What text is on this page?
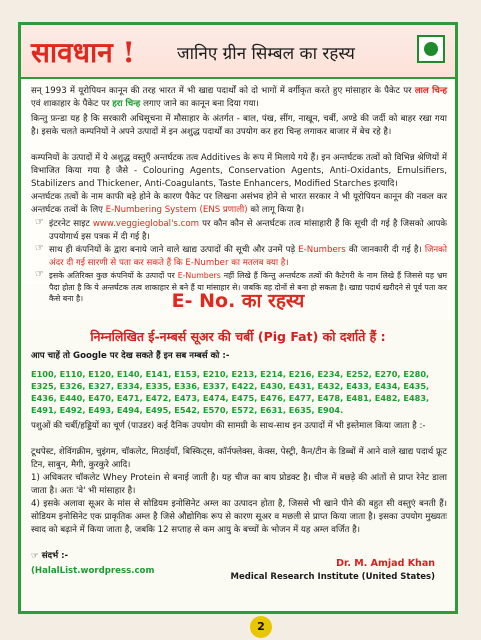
सावधान ! जानिए ग्रीन सिम्बल का रहस्य
सन् 1993 में यूरोपियन कानून की तरह भारत में भी खाद्य पदार्थों को दो भागों में वर्गीकृत करते हुए मांसाहार के पैकेट पर लाल चिन्ह एवं शाकाहार के पैकेट पर हरा चिन्ह लगाए जाने का कानून बना दिया गया।
किन्तु फ़न्डा यह है कि सरकारी अधिसूचना में मौसाहार के अंतर्गत - बाल, पंख, सींग, नाखून, चर्बी, अण्डे की जर्दी को बाहर रखा गया है। इसके चलते कम्पनियों ने अपने उत्पादों में इन अशुद्ध पदार्थों का उपयोग कर हरा चिन्ह लगाकर बाजार में बेच रहे है।
कम्पनियों के उत्पादों में ये अशुद्ध वस्तुएँ अन्तर्घटक तत्व Additives के रूप में मिलाये गये हैं। इन अन्तर्घटक तत्वों को विभिन्न श्रेणियों में विभाजित किया गया है जैसे - Colouring Agents, Conservation Agents, Anti-Oxidants, Emulsifiers, Stabilizers and Thickener, Anti-Coagulants, Taste Enhancers, Modified Starches इत्यादि।
अन्तर्घटक तत्वों के नाम काफी बड़े होने के कारण पैकेट पर लिखना असंभव होने से भारत सरकार ने भी यूरोपियन कानून की नकल कर अन्तर्घटक तत्वों के लिए E-Numbering System (ENS प्रणाली) को लागू किया है।
☞ इंटरनेट साइट www.veggieglobal's.com पर कौन कौन से अन्तर्घटक तत्व मांसाहारी हैं कि सूची दी गई है जिसको आपके उपयोगार्थ इस पत्रक में दी गई है।
☞ साथ ही कंपनियों के द्वारा बनाये जाने वाले खाद्य उत्पादों की सूची और उनमें पड़े E-Numbers की जानकारी दी गई है। जिनको अंदर दी गई सारणी से पता कर सकते हैं कि E-Number का मतलब क्या है।
☞ इसके अतिरिक्त कुछ कंपनियों के उत्पादों पर E-Numbers नहीं लिखे हैं किन्तु अन्तर्घटक तत्वों की कैटेगरी के नाम लिखे हैं जिससे यह भ्रम पैदा होता है कि ये अन्तर्घटक तत्व शाकाहार से बने हैं या मांसाहार से। जबकि वह दोनों से बना हो सकता है। खाद्य पदार्थ खरीदने से पूर्व पता कर कैसे बना है।	E- No. का रहस्य
निम्नलिखित ई-नम्बर्स सूअर की चर्बी (Pig Fat) को दर्शाते हैं :
आप चाहें तो Google पर देख सकते हैं इन सब नम्बर्स को :-
E100, E110, E120, E140, E141, E153, E210, E213, E214, E216, E234, E252, E270, E280, E325, E326, E327, E334, E335, E336, E337, E422, E430, E431, E432, E433, E434, E435, E436, E440, E470, E471, E472, E473, E474, E475, E476, E477, E478, E481, E482, E483, E491, E492, E493, E494, E495, E542, E570, E572, E631, E635, E904.
पशुओं की चर्बी/हड्डियों का चूर्ण (पाउडर) कई दैनिक उपयोग की सामग्री के साथ-साथ इन उत्पादों में भी इस्तेमाल किया जाता है :-
टूथपेस्ट, शेविंगक्रीम, चुइंगम, चॉकलेट, मिठाईयाँ, बिस्किट्स, कॉर्नफ्लेक्स, केक्स, पेस्ट्री, कैन/टीन के डिब्बों में आने वाले खाद्य पदार्थ फ्रूट टिन, साबुन, मैगी, कुरकुरे आदि।
1) अधिकतर चॉकलेट Whey Protein से बनाई जाती है। यह चीज का बाय प्रोडक्ट है। चीज में बछड़े की आंतों से प्राप्त रेनेट डाला जाता है। अतः 'वे' भी मांसाहार है।
4) इसके अलावा सूअर के मांस से सोडियम इनोसिनेट अम्ल का उत्पादन होता है, जिससे भी खाने पीने की बहुत सी वस्तुएं बनती हैं। सोडियम इनोसिनेट एक प्राकृतिक अम्ल है जिसे औद्योगिक रूप से कारण सूअर व मछली से प्राप्त किया जाता है। इसका उपयोग मुख्यतः स्वाद को बढ़ाने में किया जाता है, जबकि 12 सप्ताह से कम आयु के बच्चों के भोजन में यह अम्ल वर्जित है।
☞ संदर्भ :-
(HalalList.wordpress.com
Dr. M. Amjad Khan
Medical Research Institute (United States)
2
